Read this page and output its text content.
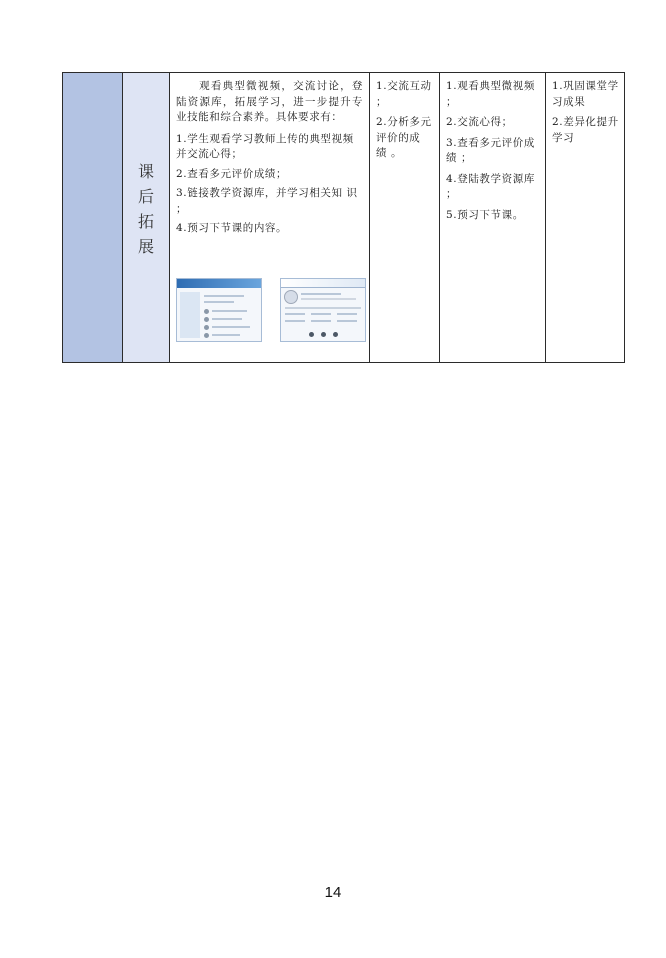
课
后
拓
展

观看典型微视频，交流讨论，登陆资源库，拓展学习，进一步提升专业技能和综合素养。具体要求有：

1.学生观看学习教师上传的典型视频并交流心得；
2.查看多元评价成绩；
3.链接教学资源库，并学习相关知 识 ；
4.预习下节课的内容。
1.交流互动 ；
2.分析多元评价的成 绩 。
1.观看典型微视频 ；
2.交流心得；
3.查看多元评价成 绩 ；
4.登陆教学资源库 ；
5.预习下节课。
1.巩固课堂学习成果
2.差异化提升学习
14
